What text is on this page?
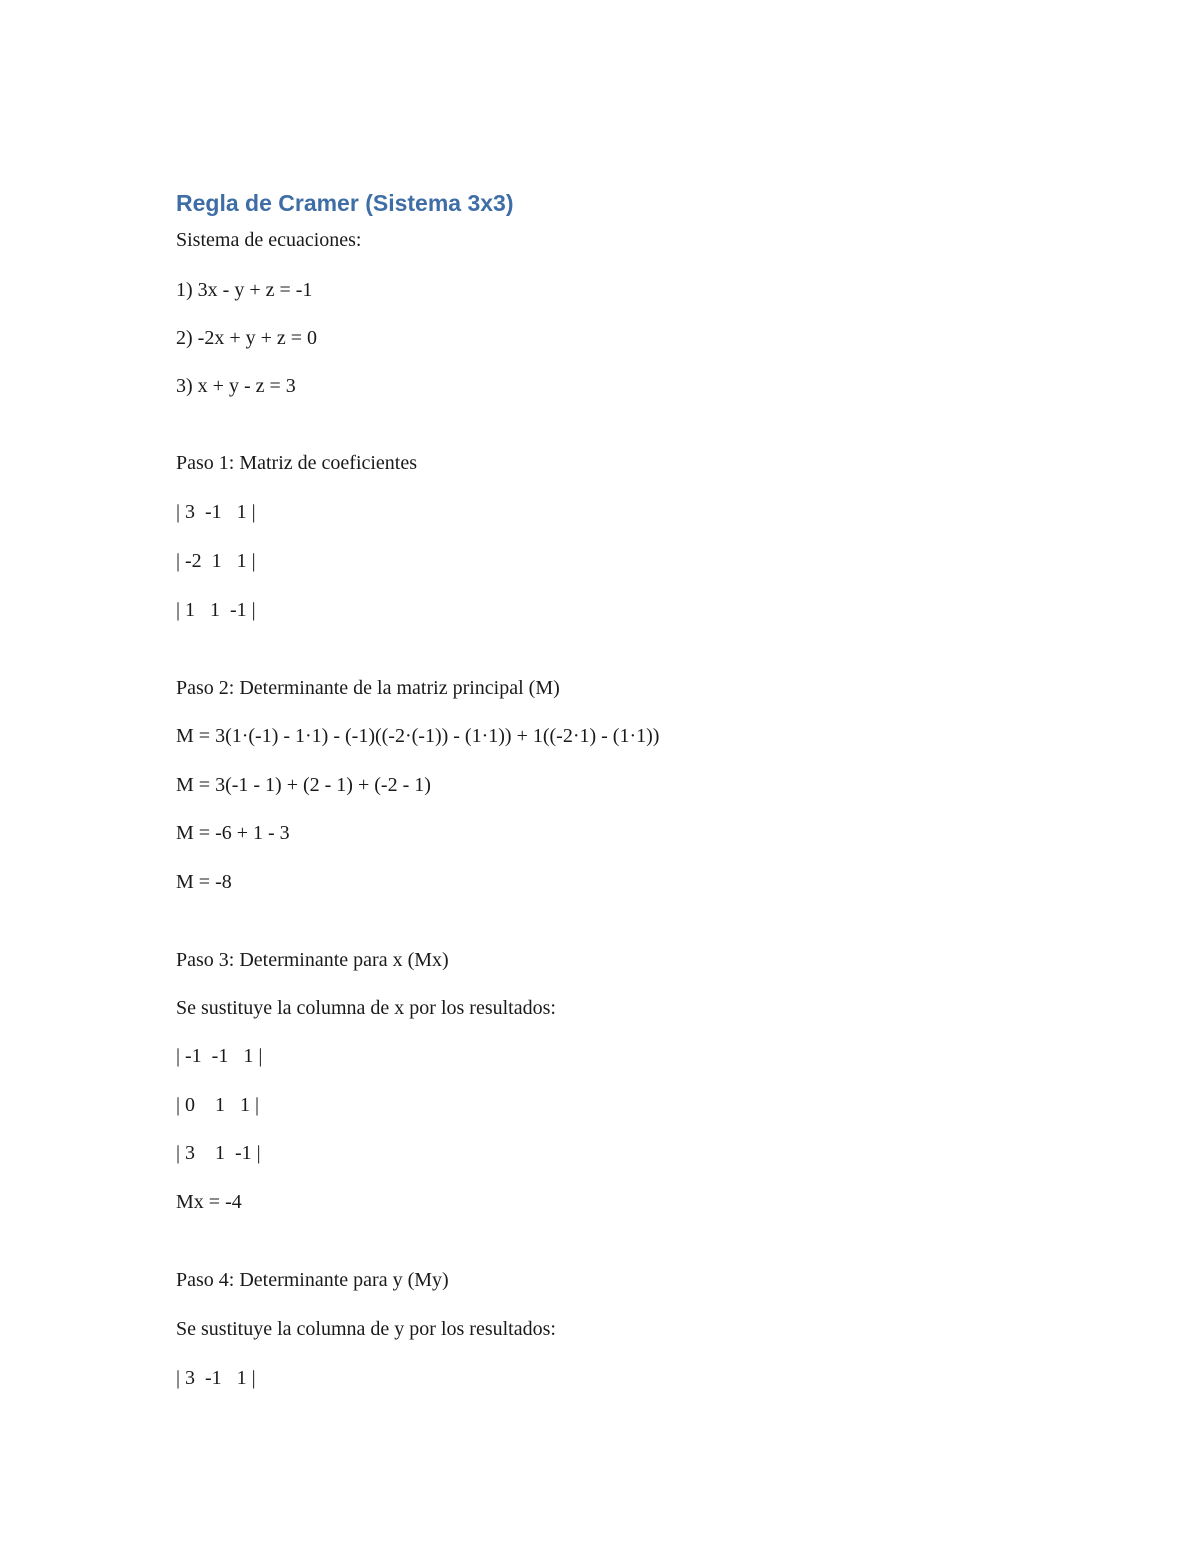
Regla de Cramer (Sistema 3x3)

Sistema de ecuaciones:

1) 3x - y + z = -1

2) -2x + y + z = 0

3) x + y - z = 3

Paso 1: Matriz de coeficientes

| 3  -1   1 |

| -2  1   1 |

| 1   1  -1 |

Paso 2: Determinante de la matriz principal (M)

M = 3(1·(-1) - 1·1) - (-1)((-2·(-1)) - (1·1)) + 1((-2·1) - (1·1))

M = 3(-1 - 1) + (2 - 1) + (-2 - 1)

M = -6 + 1 - 3

M = -8

Paso 3: Determinante para x (Mx)

Se sustituye la columna de x por los resultados:

| -1  -1   1 |

| 0    1   1 |

| 3    1  -1 |

Mx = -4

Paso 4: Determinante para y (My)

Se sustituye la columna de y por los resultados:

| 3  -1   1 |
